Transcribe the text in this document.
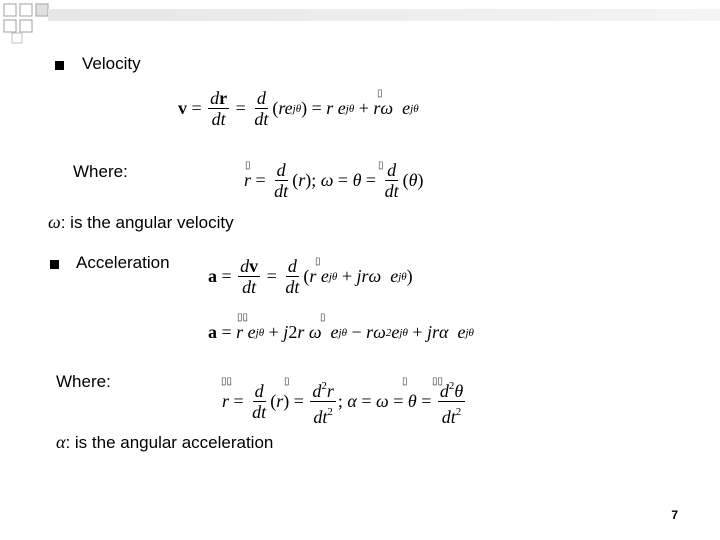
Velocity
$v = \frac{dr}{dt} = \frac{d}{dt}$ ( re jθ ) = r
e jθ + rω
e jθ
▯
Where:	$r = \frac{d}{dt}$ ( r ); $\omega = \theta = \frac{d}{dt}$ ( θ )
▯	▯
ω: is the angular velocity
Acceleration
$a = \frac{dv}{dt} = \frac{d}{dt}$ ( r
e jθ + jrω
e jθ )
▯
a = r
e jθ + j 2 r
ω
e jθ − rω 2 e jθ + jrα
e jθ
▯▯	▯
Where:
$r = \frac{d}{dt}$ ( r ) = $\frac{d^2r}{dt^2}$ ; $\alpha = \omega = \theta = \frac{d^2\theta}{dt^2}$
▯▯	▯	▯ ▯▯
α: is the angular acceleration
7
